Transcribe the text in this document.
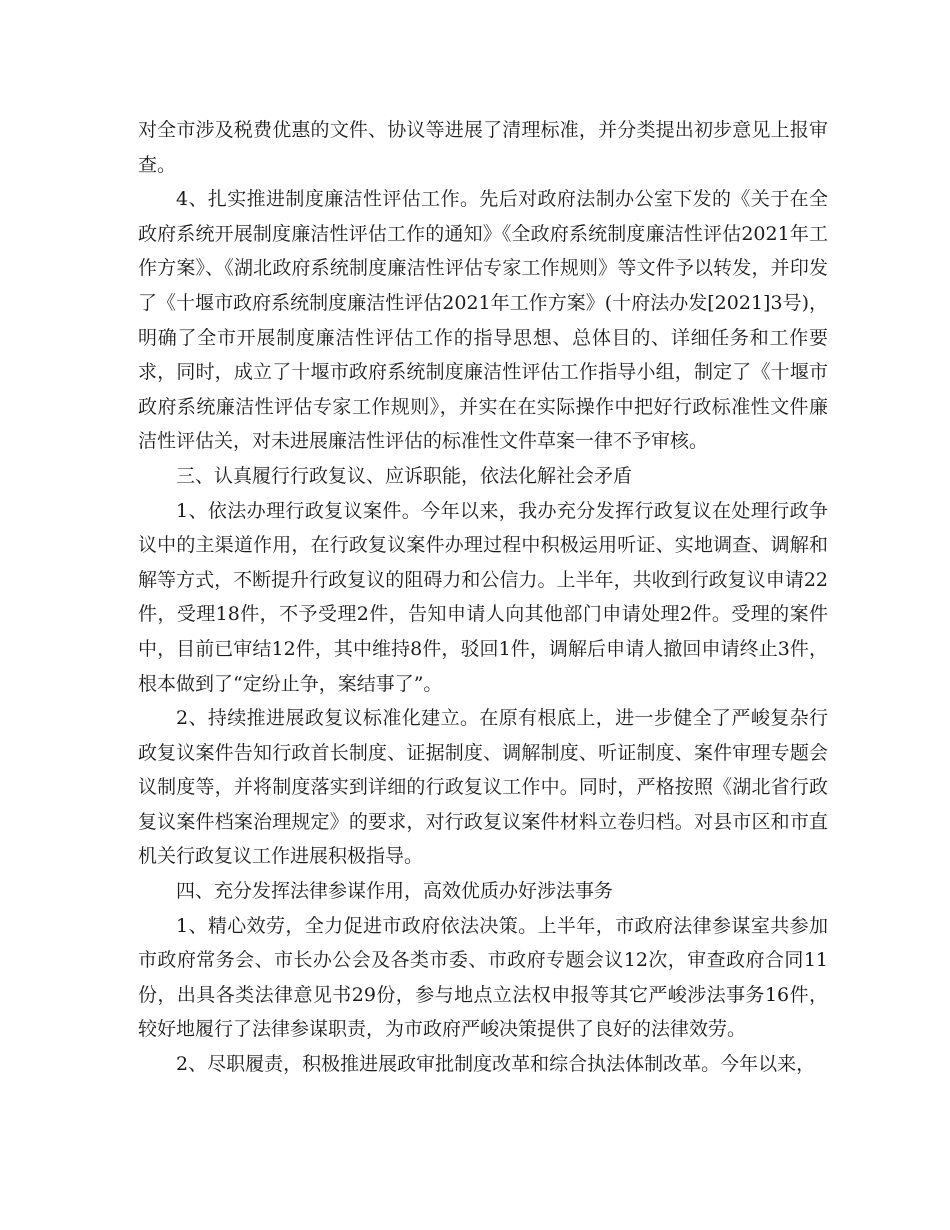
对全市涉及税费优惠的文件、协议等进展了清理标准，并分类提出初步意见上报审查。

4、扎实推进制度廉洁性评估工作。先后对政府法制办公室下发的《关于在全政府系统开展制度廉洁性评估工作的通知》《全政府系统制度廉洁性评估2021年工作方案》、《湖北政府系统制度廉洁性评估专家工作规则》等文件予以转发，并印发了《十堰市政府系统制度廉洁性评估2021年工作方案》(十府法办发[2021]3号)，明确了全市开展制度廉洁性评估工作的指导思想、总体目的、详细任务和工作要求，同时，成立了十堰市政府系统制度廉洁性评估工作指导小组，制定了《十堰市政府系统廉洁性评估专家工作规则》，并实在在实际操作中把好行政标准性文件廉洁性评估关，对未进展廉洁性评估的标准性文件草案一律不予审核。

三、认真履行行政复议、应诉职能，依法化解社会矛盾

1、依法办理行政复议案件。今年以来，我办充分发挥行政复议在处理行政争议中的主渠道作用，在行政复议案件办理过程中积极运用听证、实地调查、调解和解等方式，不断提升行政复议的阻碍力和公信力。上半年，共收到行政复议申请22件，受理18件，不予受理2件，告知申请人向其他部门申请处理2件。受理的案件中，目前已审结12件，其中维持8件，驳回1件，调解后申请人撤回申请终止3件，根本做到了“定纷止争，案结事了”。

2、持续推进展政复议标准化建立。在原有根底上，进一步健全了严峻复杂行政复议案件告知行政首长制度、证据制度、调解制度、听证制度、案件审理专题会议制度等，并将制度落实到详细的行政复议工作中。同时，严格按照《湖北省行政复议案件档案治理规定》的要求，对行政复议案件材料立卷归档。对县市区和市直机关行政复议工作进展积极指导。

四、充分发挥法律参谋作用，高效优质办好涉法事务

1、精心效劳，全力促进市政府依法决策。上半年，市政府法律参谋室共参加市政府常务会、市长办公会及各类市委、市政府专题会议12次，审查政府合同11份，出具各类法律意见书29份，参与地点立法权申报等其它严峻涉法事务16件，较好地履行了法律参谋职责，为市政府严峻决策提供了良好的法律效劳。

2、尽职履责，积极推进展政审批制度改革和综合执法体制改革。今年以来，
